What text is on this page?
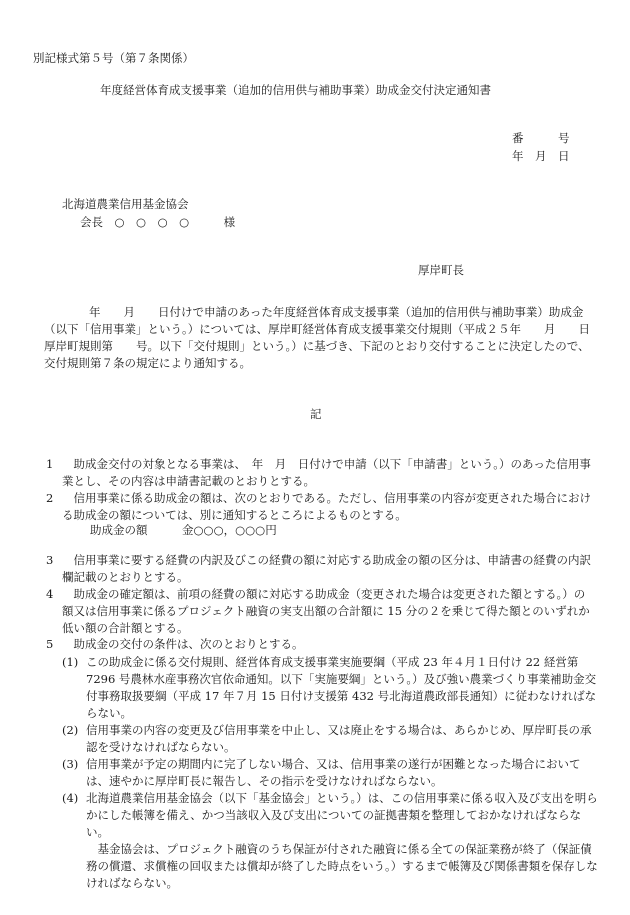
別記様式第５号（第７条関係）
年度経営体育成支援事業（追加的信用供与補助事業）助成金交付決定通知書
番　　　号
年　月　日
北海道農業信用基金協会
会長　○　○　○　○　　　様
厚岸町長
　　年　　月　　日付けで申請のあった年度経営体育成支援事業（追加的信用供与補助事業）助成金（以下「信用事業」という。）については、厚岸町経営体育成支援事業交付規則（平成２５年　　月　　日厚岸町規則第　　号。以下「交付規則」という。）に基づき、下記のとおり交付することに決定したので、交付規則第７条の規定により通知する。
記
1 　助成金交付の対象となる事業は、　年　月　日付けで申請（以下「申請書」という。）のあった信用事業とし、その内容は申請書記載のとおりとする。
2 　信用事業に係る助成金の額は、次のとおりである。ただし、信用事業の内容が変更された場合における助成金の額については、別に通知するところによるものとする。
助成金の額	金○○○，○○○円
3 　信用事業に要する経費の内訳及びこの経費の額に対応する助成金の額の区分は、申請書の経費の内訳欄記載のとおりとする。
4 　助成金の確定額は、前項の経費の額に対応する助成金（変更された場合は変更された額とする。）の額又は信用事業に係るプロジェクト融資の実支出額の合計額に 15 分の２を乗じて得た額とのいずれか低い額の合計額とする。
5 　助成金の交付の条件は、次のとおりとする。
(1) この助成金に係る交付規則、経営体育成支援事業実施要綱（平成 23 年４月１日付け 22 経営第 7296 号農林水産事務次官依命通知。以下「実施要綱」という。）及び強い農業づくり事業補助金交付事務取扱要綱（平成 17 年７月 15 日付け支援第 432 号北海道農政部長通知）に従わなければならない。
(2) 信用事業の内容の変更及び信用事業を中止し、又は廃止をする場合は、あらかじめ、厚岸町長の承認を受けなければならない。
(3) 信用事業が予定の期間内に完了しない場合、又は、信用事業の遂行が困難となった場合においては、速やかに厚岸町長に報告し、その指示を受けなければならない。
(4) 北海道農業信用基金協会（以下「基金協会」という。）は、この信用事業に係る収入及び支出を明らかにした帳簿を備え、かつ当該収入及び支出についての証拠書類を整理しておかなければならない。
　基金協会は、プロジェクト融資のうち保証が付された融資に係る全ての保証業務が終了（保証債務の償還、求償権の回収または償却が終了した時点をいう。）するまで帳簿及び関係書類を保存しなければならない。
